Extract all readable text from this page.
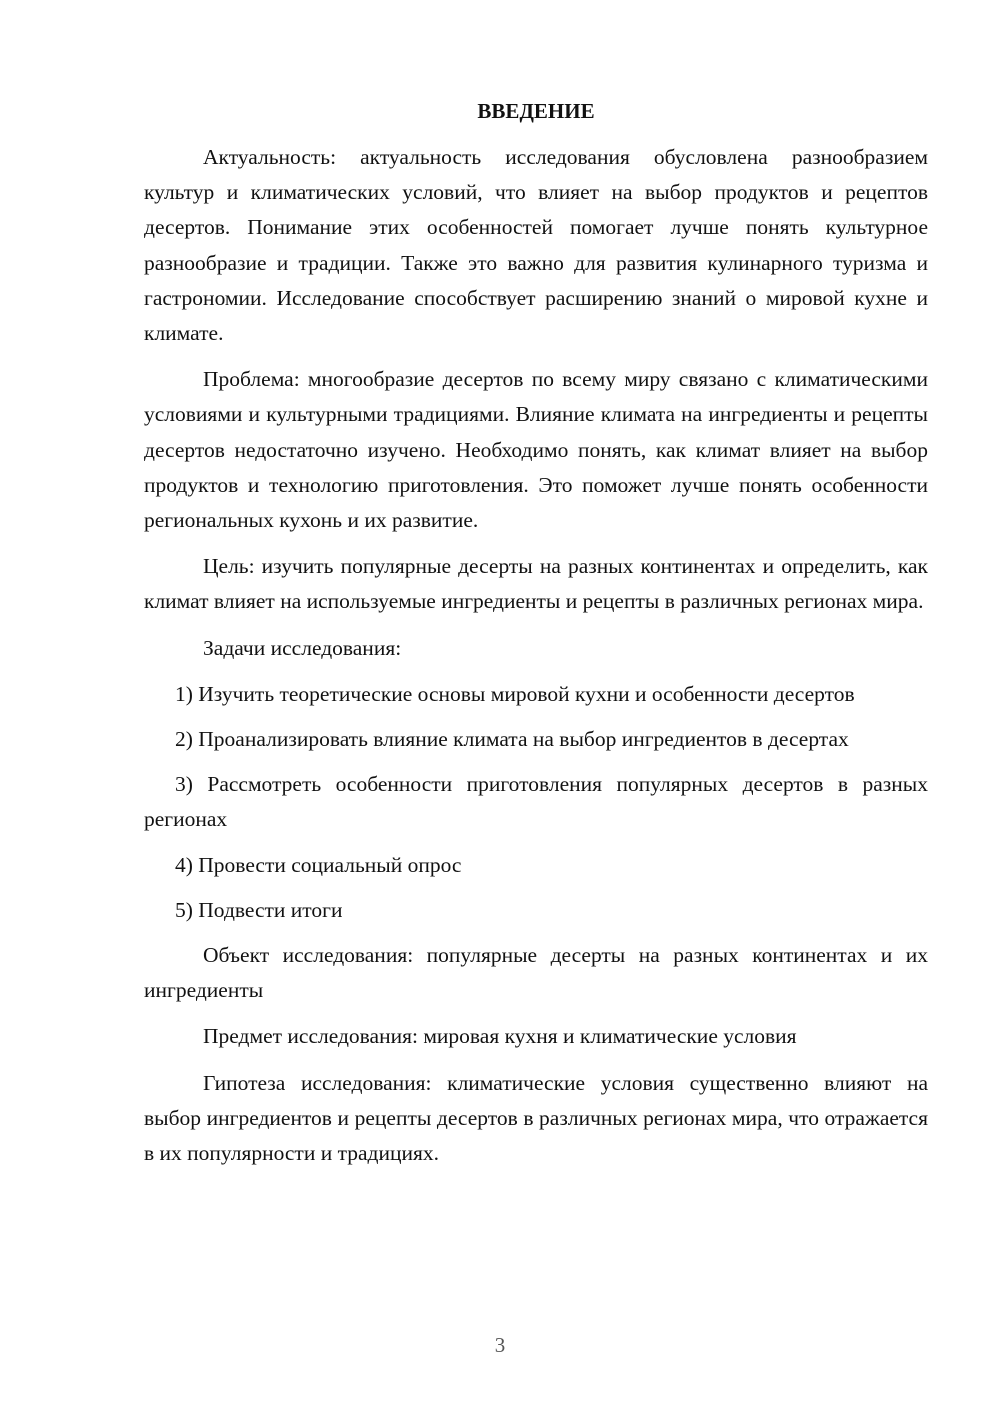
ВВЕДЕНИЕ

Актуальность: актуальность исследования обусловлена разнообразием культур и климатических условий, что влияет на выбор продуктов и рецептов десертов. Понимание этих особенностей помогает лучше понять культурное разнообразие и традиции. Также это важно для развития кулинарного туризма и гастрономии. Исследование способствует расширению знаний о мировой кухне и климате.

Проблема: многообразие десертов по всему миру связано с климатическими условиями и культурными традициями. Влияние климата на ингредиенты и рецепты десертов недостаточно изучено. Необходимо понять, как климат влияет на выбор продуктов и технологию приготовления. Это поможет лучше понять особенности региональных кухонь и их развитие.

Цель: изучить популярные десерты на разных континентах и определить, как климат влияет на используемые ингредиенты и рецепты в различных регионах мира.

Задачи исследования:

1) Изучить теоретические основы мировой кухни и особенности десертов

2) Проанализировать влияние климата на выбор ингредиентов в десертах

3) Рассмотреть особенности приготовления популярных десертов в разных регионах

4) Провести социальный опрос

5) Подвести итоги

Объект исследования: популярные десерты на разных континентах и их ингредиенты

Предмет исследования: мировая кухня и климатические условия

Гипотеза исследования: климатические условия существенно влияют на выбор ингредиентов и рецепты десертов в различных регионах мира, что отражается в их популярности и традициях.

3
